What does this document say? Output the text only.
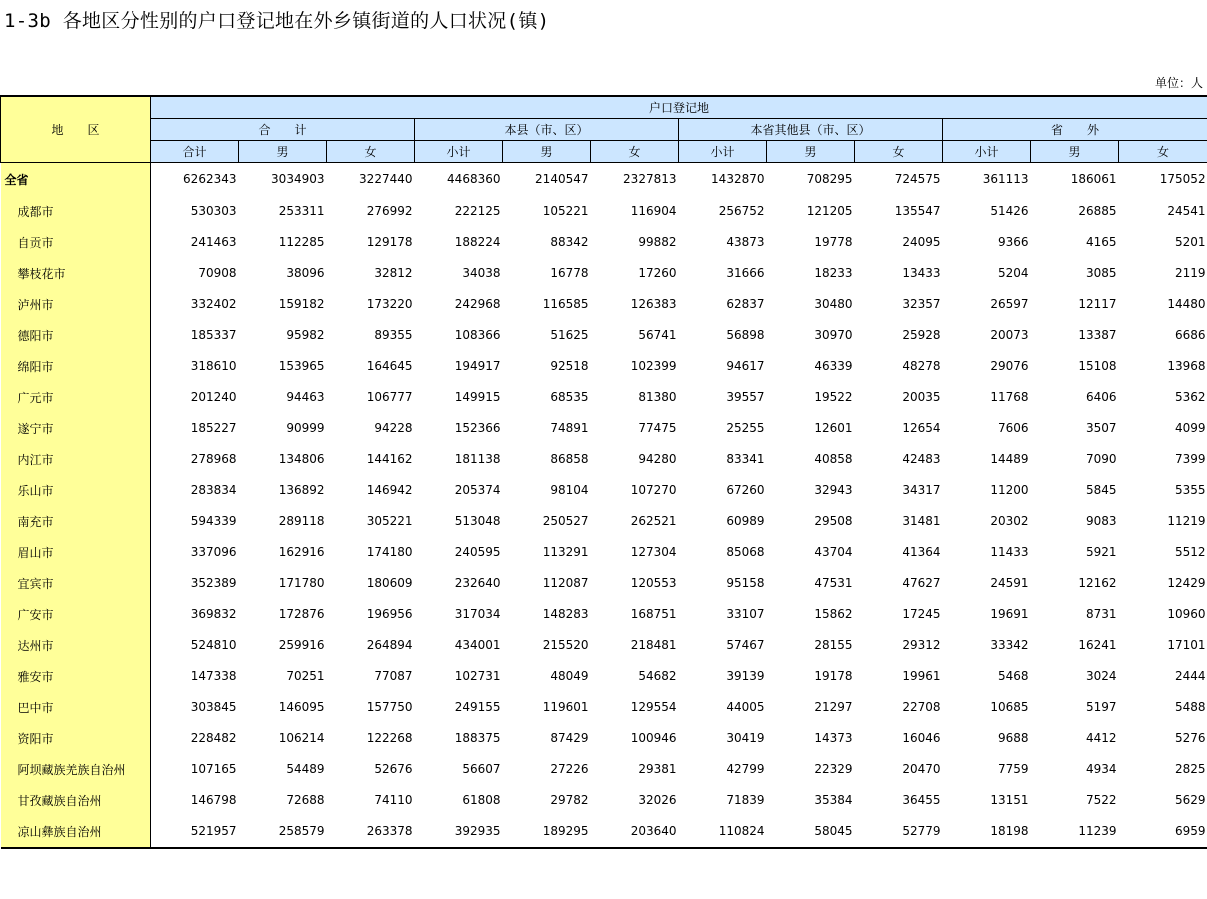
1-3b 各地区分性别的户口登记地在外乡镇街道的人口状况(镇)
单位：人
地　　区	户口登记地											
	合　　计			本县（市、区）			本省其他县（市、区）			省　　外		
	合计	男	女	小计	男	女	小计	男	女	小计	男	女
全省	6262343	3034903	3227440	4468360	2140547	2327813	1432870	708295	724575	361113	186061	175052
成都市	530303	253311	276992	222125	105221	116904	256752	121205	135547	51426	26885	24541
自贡市	241463	112285	129178	188224	88342	99882	43873	19778	24095	9366	4165	5201
攀枝花市	70908	38096	32812	34038	16778	17260	31666	18233	13433	5204	3085	2119
泸州市	332402	159182	173220	242968	116585	126383	62837	30480	32357	26597	12117	14480
德阳市	185337	95982	89355	108366	51625	56741	56898	30970	25928	20073	13387	6686
绵阳市	318610	153965	164645	194917	92518	102399	94617	46339	48278	29076	15108	13968
广元市	201240	94463	106777	149915	68535	81380	39557	19522	20035	11768	6406	5362
遂宁市	185227	90999	94228	152366	74891	77475	25255	12601	12654	7606	3507	4099
内江市	278968	134806	144162	181138	86858	94280	83341	40858	42483	14489	7090	7399
乐山市	283834	136892	146942	205374	98104	107270	67260	32943	34317	11200	5845	5355
南充市	594339	289118	305221	513048	250527	262521	60989	29508	31481	20302	9083	11219
眉山市	337096	162916	174180	240595	113291	127304	85068	43704	41364	11433	5921	5512
宜宾市	352389	171780	180609	232640	112087	120553	95158	47531	47627	24591	12162	12429
广安市	369832	172876	196956	317034	148283	168751	33107	15862	17245	19691	8731	10960
达州市	524810	259916	264894	434001	215520	218481	57467	28155	29312	33342	16241	17101
雅安市	147338	70251	77087	102731	48049	54682	39139	19178	19961	5468	3024	2444
巴中市	303845	146095	157750	249155	119601	129554	44005	21297	22708	10685	5197	5488
资阳市	228482	106214	122268	188375	87429	100946	30419	14373	16046	9688	4412	5276
阿坝藏族羌族自治州	107165	54489	52676	56607	27226	29381	42799	22329	20470	7759	4934	2825
甘孜藏族自治州	146798	72688	74110	61808	29782	32026	71839	35384	36455	13151	7522	5629
凉山彝族自治州	521957	258579	263378	392935	189295	203640	110824	58045	52779	18198	11239	6959
